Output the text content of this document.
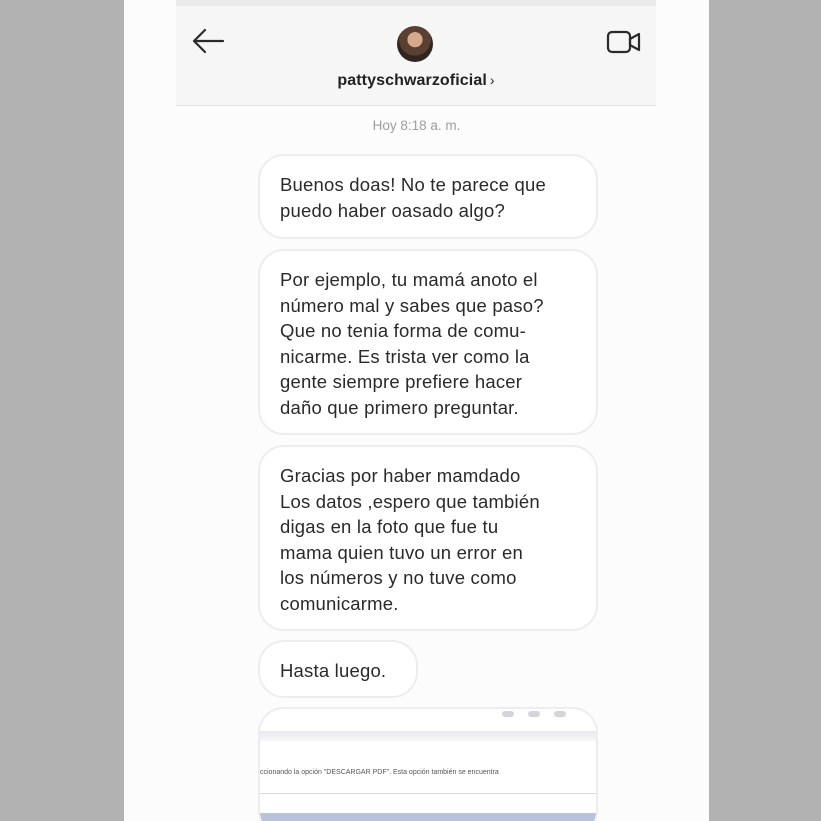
pattyschwarzoficial ›
Hoy 8:18 a. m.
Buenos doas! No te parece que
puedo haber oasado algo?
Por ejemplo, tu mamá anoto el
número mal y sabes que paso?
Que no tenia forma de comu-
nicarme. Es trista ver como la
gente siempre prefiere hacer
daño que primero preguntar.
Gracias por haber mamdado
Los datos ,espero que también
digas en la foto que fue tu
mama quien tuvo un error en
los números y no tuve como
comunicarme.
Hasta luego.
ccionando la opción "DESCARGAR PDF". Esta opción también se encuentra
